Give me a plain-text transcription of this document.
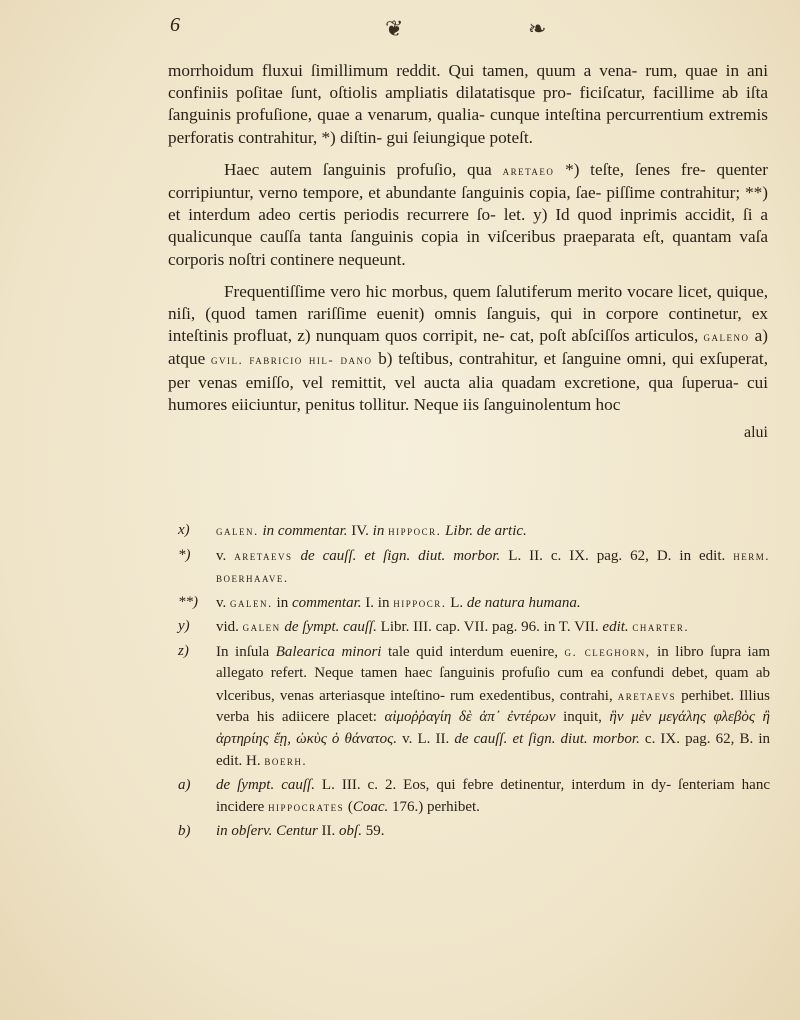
6	❦	❧

morrhoidum fluxui ſimillimum reddit. Qui tamen, quum a vena- rum, quae in ani confiniis poſitae ſunt, oſtiolis ampliatis dilatatisque pro- ficiſcatur, facillime ab iſta ſanguinis profuſione, quae a venarum, qualia- cunque inteſtina percurrentium extremis perforatis contrahitur, *) diſtin- gui ſeiungique poteſt.

Haec autem ſanguinis profuſio, qua aretaeo *) teſte, ſenes fre- quenter corripiuntur, verno tempore, et abundante ſanguinis copia, ſae- piſſime contrahitur; **) et interdum adeo certis periodis recurrere ſo- let. y) Id quod inprimis accidit, ſi a qualicunque cauſſa tanta ſanguinis copia in viſceribus praeparata eſt, quantam vaſa corporis noſtri continere nequeunt.

Frequentiſſime vero hic morbus, quem ſalutiferum merito vocare licet, quique, niſi, (quod tamen rariſſime euenit) omnis ſanguis, qui in corpore continetur, ex inteſtinis profluat, z) nunquam quos corripit, ne- cat, poſt abſciſſos articulos, galeno a) atque gvil. fabricio hil- dano b) teſtibus, contrahitur, et ſanguine omni, qui exſuperat, per venas emiſſo, vel remittit, vel aucta alia quadam excretione, qua ſuperua- cui humores eiiciuntur, penitus tollitur. Neque iis ſanguinolentum hoc

alui
x) galen. in commentar. IV. in hippocr. Libr. de artic.
*) v. aretaevs de cauſſ. et ſign. diut. morbor. L. II. c. IX. pag. 62, D. in edit. herm. boerhaave.
**) v. galen. in commentar. I. in hippocr. L. de natura humana.
y) vid. galen de ſympt. cauſſ. Libr. III. cap. VII. pag. 96. in T. VII. edit. charter.
z) In inſula Balearica minori tale quid interdum euenire, g. cleghorn, in libro ſupra iam allegato refert. Neque tamen haec ſanguinis profuſio cum ea confundi debet, quam ab vlceribus, venas arteriasque inteſtino- rum exedentibus, contrahi, aretaevs perhibet. Illius verba his adiicere placet: αἱμοῤῥαγίη δὲ ἀπ᾽ ἐντέρων inquit, ἣν μὲν μεγάλης φλεβὸς ἢ ἀρτηρίης ἔῃ, ὠκὺς ὁ θάνατος. v. L. II. de cauſſ. et ſign. diut. morbor. c. IX. pag. 62, B. in edit. H. boerh.
a) de ſympt. cauſſ. L. III. c. 2. Eos, qui febre detinentur, interdum in dy- ſenteriam hanc incidere hippocrates (Coac. 176.) perhibet.
b) in obſerv. Centur II. obſ. 59.
